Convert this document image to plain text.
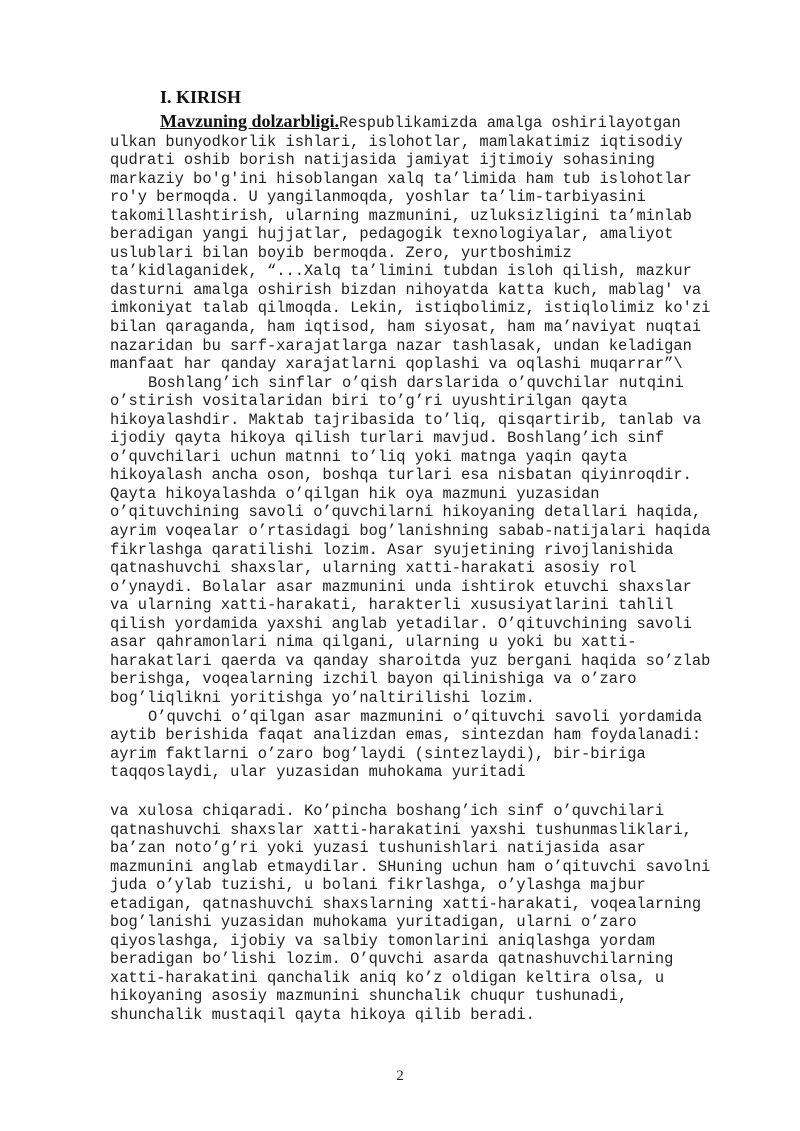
I. KIRISH

Mavzuning dolzarbligi.Respublikamizda amalga oshirilayotgan
ulkan bunyodkorlik ishlari, islohotlar, mamlakatimiz iqtisodiy
qudrati oshib borish natijasida jamiyat ijtimoiy sohasining
markaziy bo'g'ini hisoblangan xalq ta’limida ham tub islohotlar
ro'y bermoqda. U yangilanmoqda, yoshlar ta’lim-tarbiyasini
takomillashtirish, ularning mazmunini, uzluksizligini ta’minlab
beradigan yangi hujjatlar, pedagogik texnologiyalar, amaliyot
uslublari bilan boyib bermoqda. Zero, yurtboshimiz
ta’kidlaganidek, “...Xalq ta’limini tubdan isloh qilish, mazkur
dasturni amalga oshirish bizdan nihoyatda katta kuch, mablag' va
imkoniyat talab qilmoqda. Lekin, istiqbolimiz, istiqlolimiz ko'zi
bilan qaraganda, ham iqtisod, ham siyosat, ham ma’naviyat nuqtai
nazaridan bu sarf-xarajatlarga nazar tashlasak, undan keladigan
manfaat har qanday xarajatlarni qoplashi va oqlashi muqarrar”\

Boshlang’ich sinflar o’qish darslarida o’quvchilar nutqini
o’stirish vositalaridan biri to’g’ri uyushtirilgan qayta
hikoyalashdir. Maktab tajribasida to’liq, qisqartirib, tanlab va
ijodiy qayta hikoya qilish turlari mavjud. Boshlang’ich sinf
o’quvchilari uchun matnni to’liq yoki matnga yaqin qayta
hikoyalash ancha oson, boshqa turlari esa nisbatan qiyinroqdir.
Qayta hikoyalashda o’qilgan hik oya mazmuni yuzasidan
o’qituvchining savoli o’quvchilarni hikoyaning detallari haqida,
ayrim voqealar o’rtasidagi bog’lanishning sabab-natijalari haqida
fikrlashga qaratilishi lozim. Asar syujetining rivojlanishida
qatnashuvchi shaxslar, ularning xatti-harakati asosiy rol
o’ynaydi. Bolalar asar mazmunini unda ishtirok etuvchi shaxslar
va ularning xatti-harakati, harakterli xususiyatlarini tahlil
qilish yordamida yaxshi anglab yetadilar. O’qituvchining savoli
asar qahramonlari nima qilgani, ularning u yoki bu xatti-
harakatlari qaerda va qanday sharoitda yuz bergani haqida so’zlab
berishga, voqealarning izchil bayon qilinishiga va o’zaro
bog’liqlikni yoritishga yo’naltirilishi lozim.

O’quvchi o’qilgan asar mazmunini o’qituvchi savoli yordamida
aytib berishida faqat analizdan emas, sintezdan ham foydalanadi:
ayrim faktlarni o’zaro bog’laydi (sintezlaydi), bir-biriga
taqqoslaydi, ular yuzasidan muhokama yuritadi

va xulosa chiqaradi. Ko’pincha boshang’ich sinf o’quvchilari
qatnashuvchi shaxslar xatti-harakatini yaxshi tushunmasliklari,
ba’zan noto’g’ri yoki yuzasi tushunishlari natijasida asar
mazmunini anglab etmaydilar. SHuning uchun ham o’qituvchi savolni
juda o’ylab tuzishi, u bolani fikrlashga, o’ylashga majbur
etadigan, qatnashuvchi shaxslarning xatti-harakati, voqealarning
bog’lanishi yuzasidan muhokama yuritadigan, ularni o’zaro
qiyoslashga, ijobiy va salbiy tomonlarini aniqlashga yordam
beradigan bo’lishi lozim. O’quvchi asarda qatnashuvchilarning
xatti-harakatini qanchalik aniq ko’z oldigan keltira olsa, u
hikoyaning asosiy mazmunini shunchalik chuqur tushunadi,
shunchalik mustaqil qayta hikoya qilib beradi.

2
